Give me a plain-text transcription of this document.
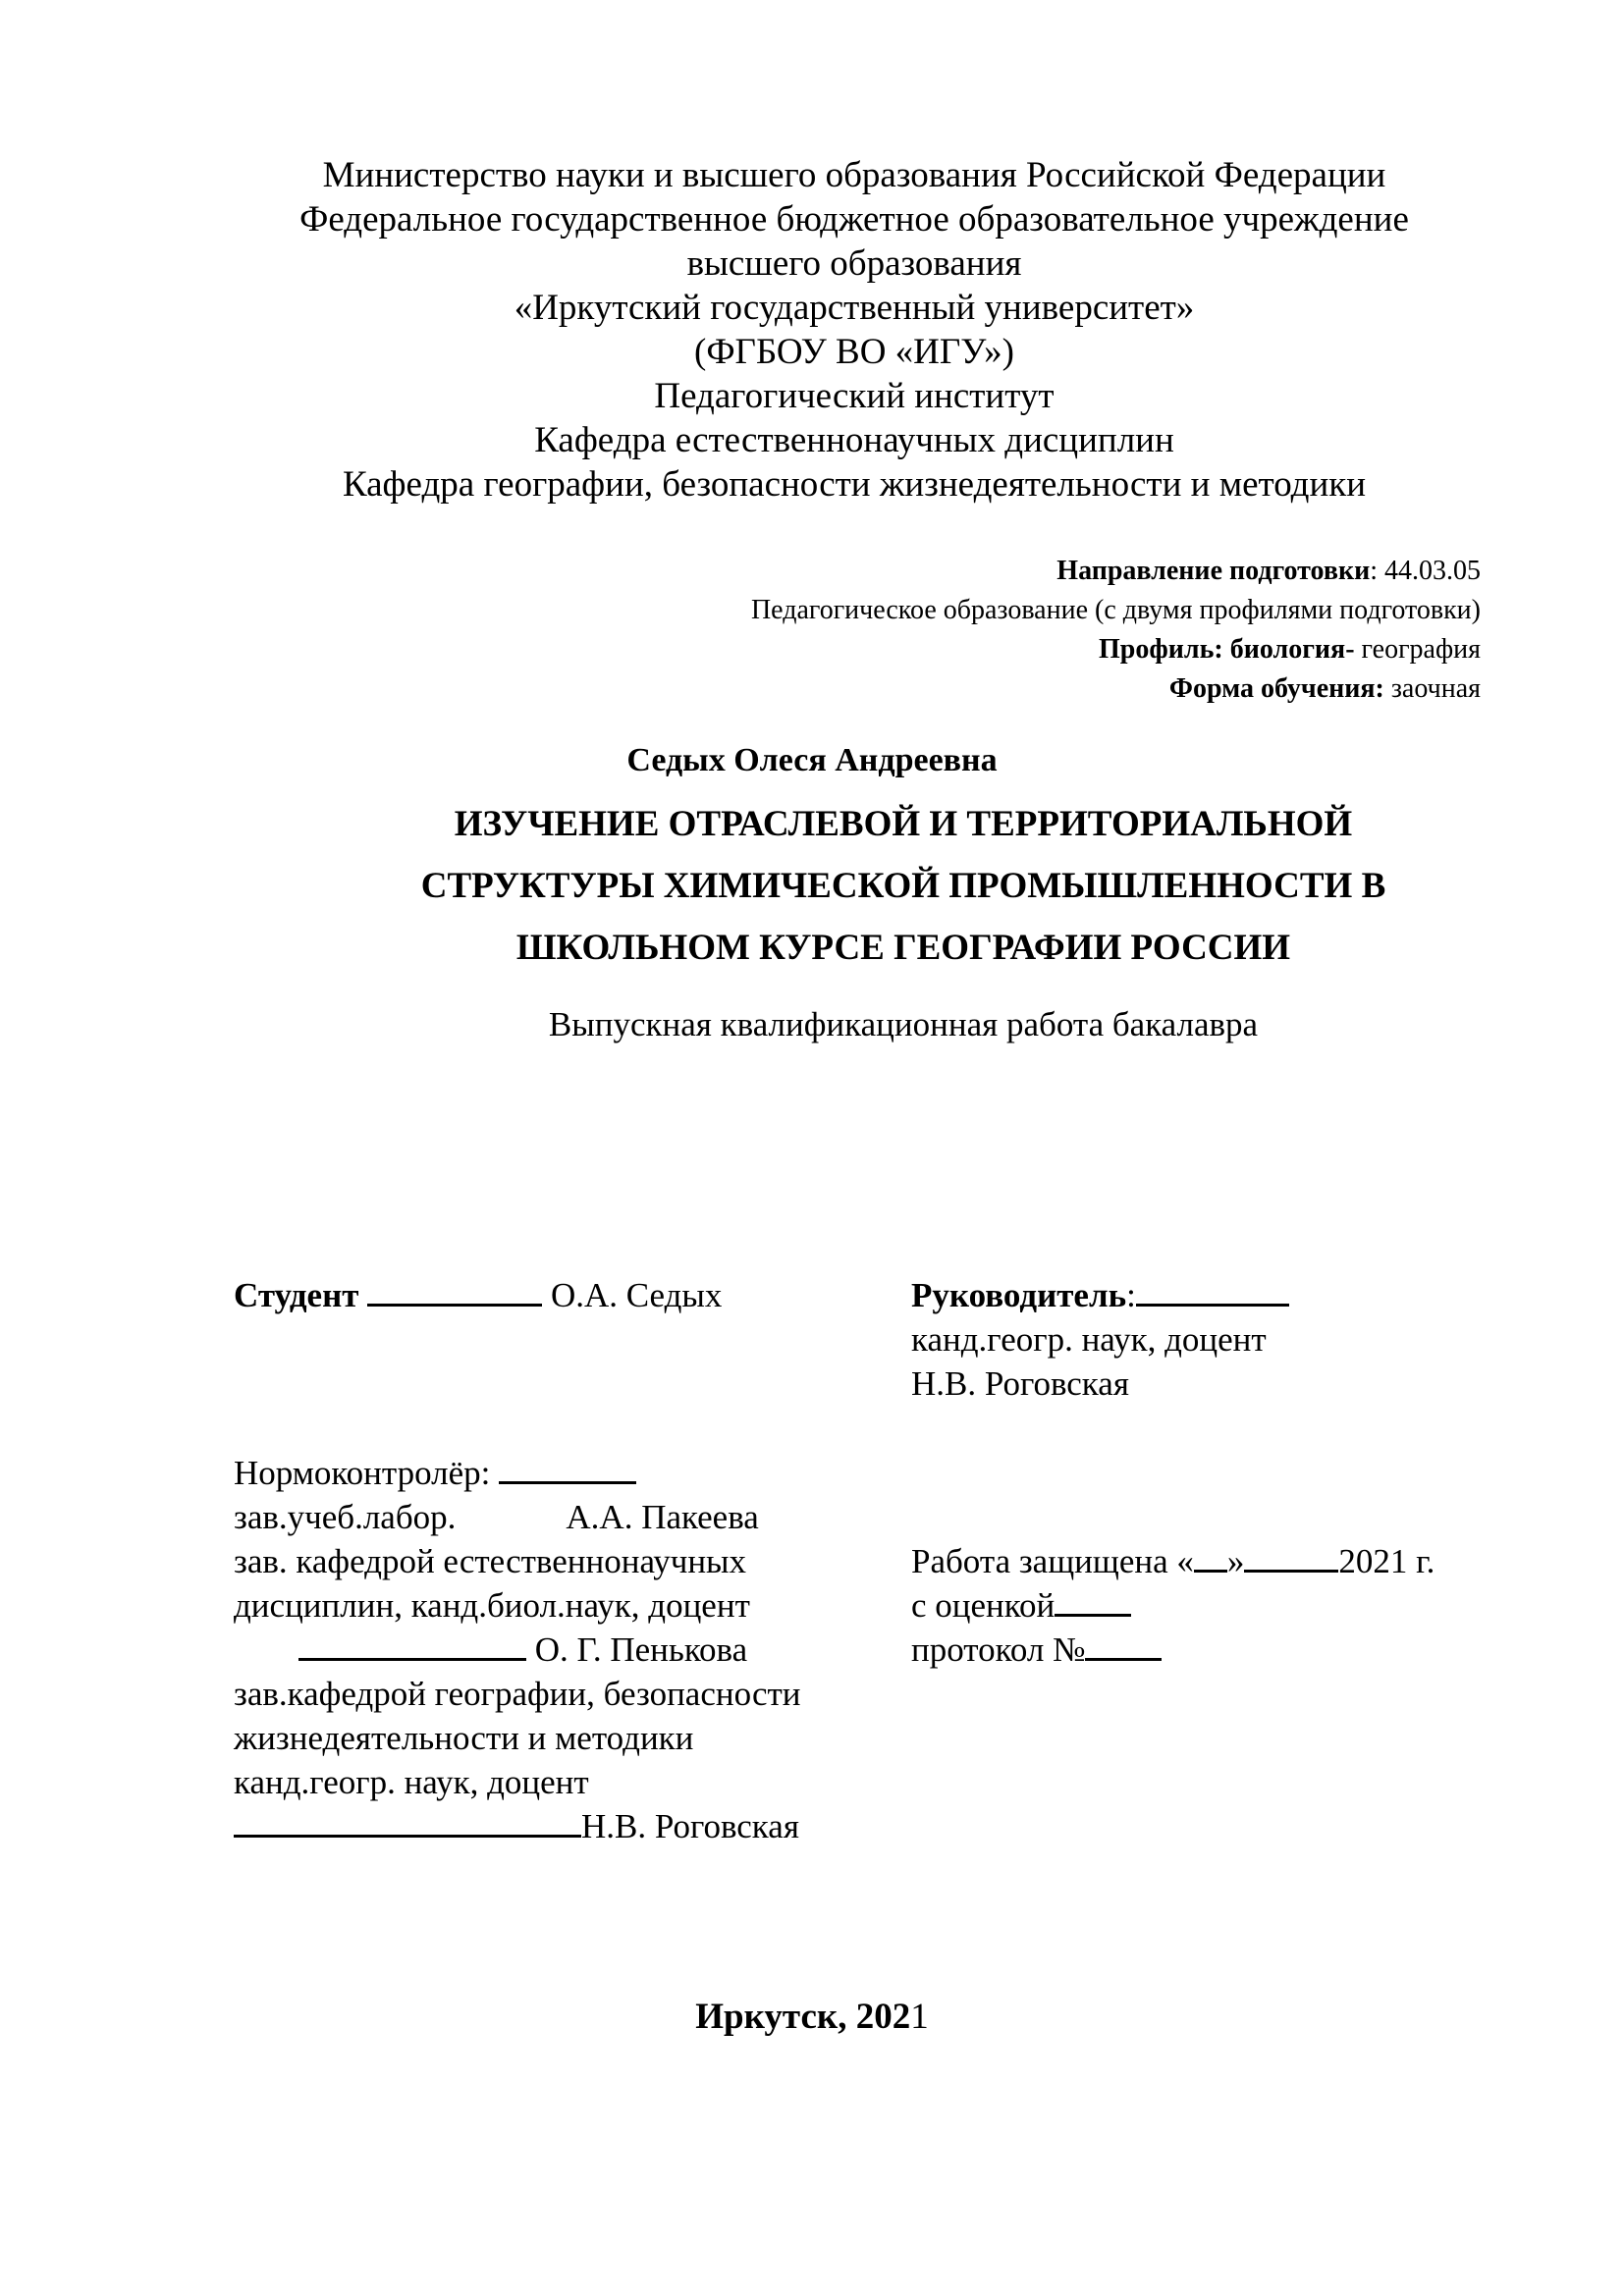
Министерство науки и высшего образования Российской Федерации
Федеральное государственное бюджетное образовательное учреждение
высшего образования
«Иркутский государственный университет»
(ФГБОУ ВО «ИГУ»)
Педагогический институт
Кафедра естественнонаучных дисциплин
Кафедра географии, безопасности жизнедеятельности и методики
Направление подготовки: 44.03.05
Педагогическое образование (с двумя профилями подготовки)
Профиль: биология- география
Форма обучения: заочная
Седых Олеся Андреевна
ИЗУЧЕНИЕ ОТРАСЛЕВОЙ И ТЕРРИТОРИАЛЬНОЙ
СТРУКТУРЫ ХИМИЧЕСКОЙ ПРОМЫШЛЕННОСТИ В
ШКОЛЬНОМ КУРСЕ ГЕОГРАФИИ РОССИИ
Выпускная квалификационная работа бакалавра
Студент	О.А. Седых	Руководитель:
канд.геогр. наук, доцент
Н.В. Роговская
Нормоконтролёр:
зав.учеб.лабор.	А.А. Пакеева
зав. кафедрой естественнонаучных
дисциплин, канд.биол.наук, доцент
О. Г. Пенькова
зав.кафедрой географии, безопасности
жизнедеятельности и методики
канд.геогр. наук, доцент
Н.В. Роговская
Работа защищена « »	2021 г.
с оценкой
протокол №
Иркутск, 2021
